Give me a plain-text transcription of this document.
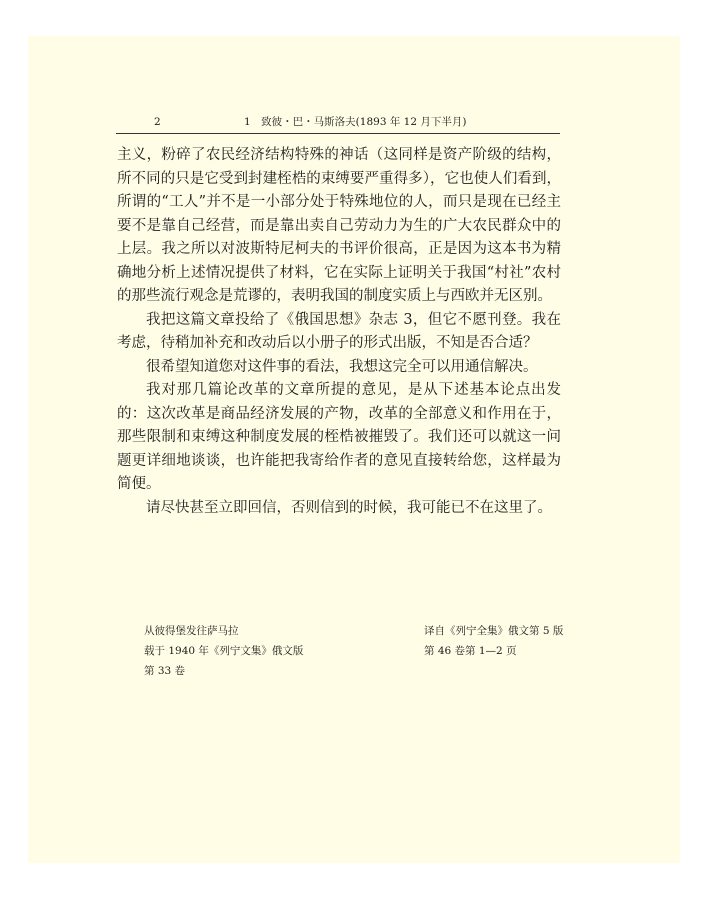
2	1　致彼・巴・马斯洛夫(1893 年 12 月下半月)

主义，粉碎了农民经济结构特殊的神话（这同样是资产阶级的结构，所不同的只是它受到封建桎梏的束缚要严重得多），它也使人们看到，所谓的“工人”并不是一小部分处于特殊地位的人，而只是现在已经主要不是靠自己经营，而是靠出卖自己劳动力为生的广大农民群众中的上层。我之所以对波斯特尼柯夫的书评价很高，正是因为这本书为精确地分析上述情况提供了材料，它在实际上证明关于我国“村社”农村的那些流行观念是荒谬的，表明我国的制度实质上与西欧并无区别。

我把这篇文章投给了《俄国思想》杂志 3，但它不愿刊登。我在考虑，待稍加补充和改动后以小册子的形式出版，不知是否合适？

很希望知道您对这件事的看法，我想这完全可以用通信解决。

我对那几篇论改革的文章所提的意见，是从下述基本论点出发的：这次改革是商品经济发展的产物，改革的全部意义和作用在于，那些限制和束缚这种制度发展的桎梏被摧毁了。我们还可以就这一问题更详细地谈谈，也许能把我寄给作者的意见直接转给您，这样最为简便。

请尽快甚至立即回信，否则信到的时候，我可能已不在这里了。

从彼得堡发往萨马拉
载于 1940 年《列宁文集》俄文版
第 33 卷
译自《列宁全集》俄文第 5 版
第 46 卷第 1—2 页
